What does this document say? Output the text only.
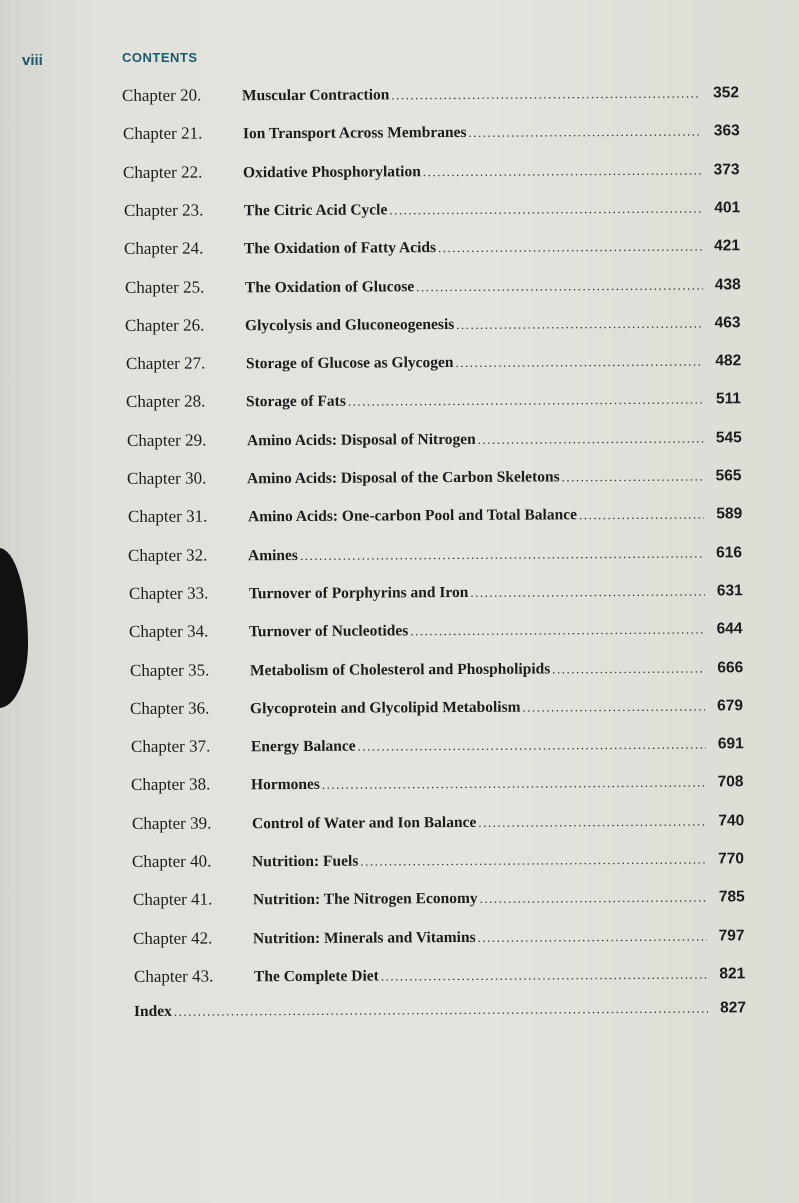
viii	CONTENTS
Chapter 20.	Muscular Contraction .....	352
Chapter 21.	Ion Transport Across Membranes .....	363
Chapter 22.	Oxidative Phosphorylation .....	373
Chapter 23.	The Citric Acid Cycle .....	401
Chapter 24.	The Oxidation of Fatty Acids .....	421
Chapter 25.	The Oxidation of Glucose .....	438
Chapter 26.	Glycolysis and Gluconeogenesis .....	463
Chapter 27.	Storage of Glucose as Glycogen .....	482
Chapter 28.	Storage of Fats .....	511
Chapter 29.	Amino Acids: Disposal of Nitrogen .....	545
Chapter 30.	Amino Acids: Disposal of the Carbon Skeletons .....	565
Chapter 31.	Amino Acids: One-carbon Pool and Total Balance .....	589
Chapter 32.	Amines .....	616
Chapter 33.	Turnover of Porphyrins and Iron .....	631
Chapter 34.	Turnover of Nucleotides .....	644
Chapter 35.	Metabolism of Cholesterol and Phospholipids .....	666
Chapter 36.	Glycoprotein and Glycolipid Metabolism .....	679
Chapter 37.	Energy Balance .....	691
Chapter 38.	Hormones .....	708
Chapter 39.	Control of Water and Ion Balance .....	740
Chapter 40.	Nutrition: Fuels .....	770
Chapter 41.	Nutrition: The Nitrogen Economy .....	785
Chapter 42.	Nutrition: Minerals and Vitamins .....	797
Chapter 43.	The Complete Diet .....	821
Index .....	827
